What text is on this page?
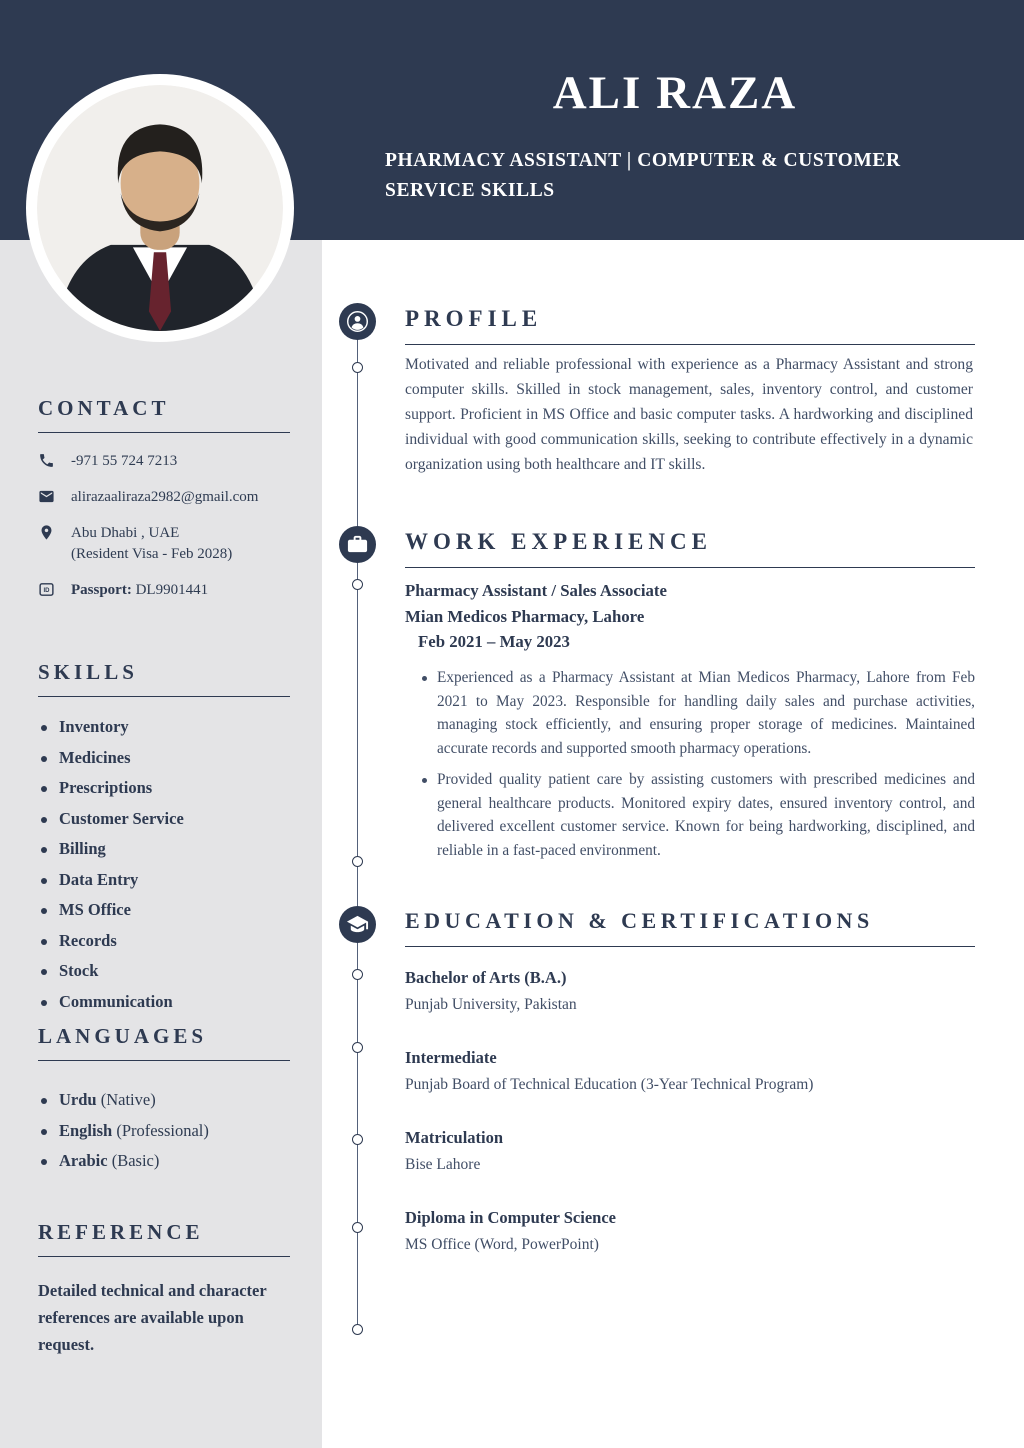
ALI RAZA
PHARMACY ASSISTANT | COMPUTER & CUSTOMER SERVICE SKILLS
CONTACT
-971 55 724 7213
alirazaaliraza2982@gmail.com
Abu Dhabi , UAE
(Resident Visa - Feb 2028)
ID Passport: DL9901441
SKILLS
Inventory
Medicines
Prescriptions
Customer Service
Billing
Data Entry
MS Office
Records
Stock
Communication
LANGUAGES
Urdu (Native)
English (Professional)
Arabic (Basic)
REFERENCE
Detailed technical and character references are available upon request.
PROFILE

Motivated and reliable professional with experience as a Pharmacy Assistant and strong computer skills. Skilled in stock management, sales, inventory control, and customer support. Proficient in MS Office and basic computer tasks. A hardworking and disciplined individual with good communication skills, seeking to contribute effectively in a dynamic organization using both healthcare and IT skills.

WORK EXPERIENCE
Pharmacy Assistant / Sales Associate
Mian Medicos Pharmacy, Lahore
Feb 2021 – May 2023
Experienced as a Pharmacy Assistant at Mian Medicos Pharmacy, Lahore from Feb 2021 to May 2023. Responsible for handling daily sales and purchase activities, managing stock efficiently, and ensuring proper storage of medicines. Maintained accurate records and supported smooth pharmacy operations.
Provided quality patient care by assisting customers with prescribed medicines and general healthcare products. Monitored expiry dates, ensured inventory control, and delivered excellent customer service. Known for being hardworking, disciplined, and reliable in a fast-paced environment.
EDUCATION & CERTIFICATIONS
Bachelor of Arts (B.A.)
Punjab University, Pakistan
Intermediate
Punjab Board of Technical Education (3-Year Technical Program)
Matriculation
Bise Lahore
Diploma in Computer Science
MS Office (Word, PowerPoint)
